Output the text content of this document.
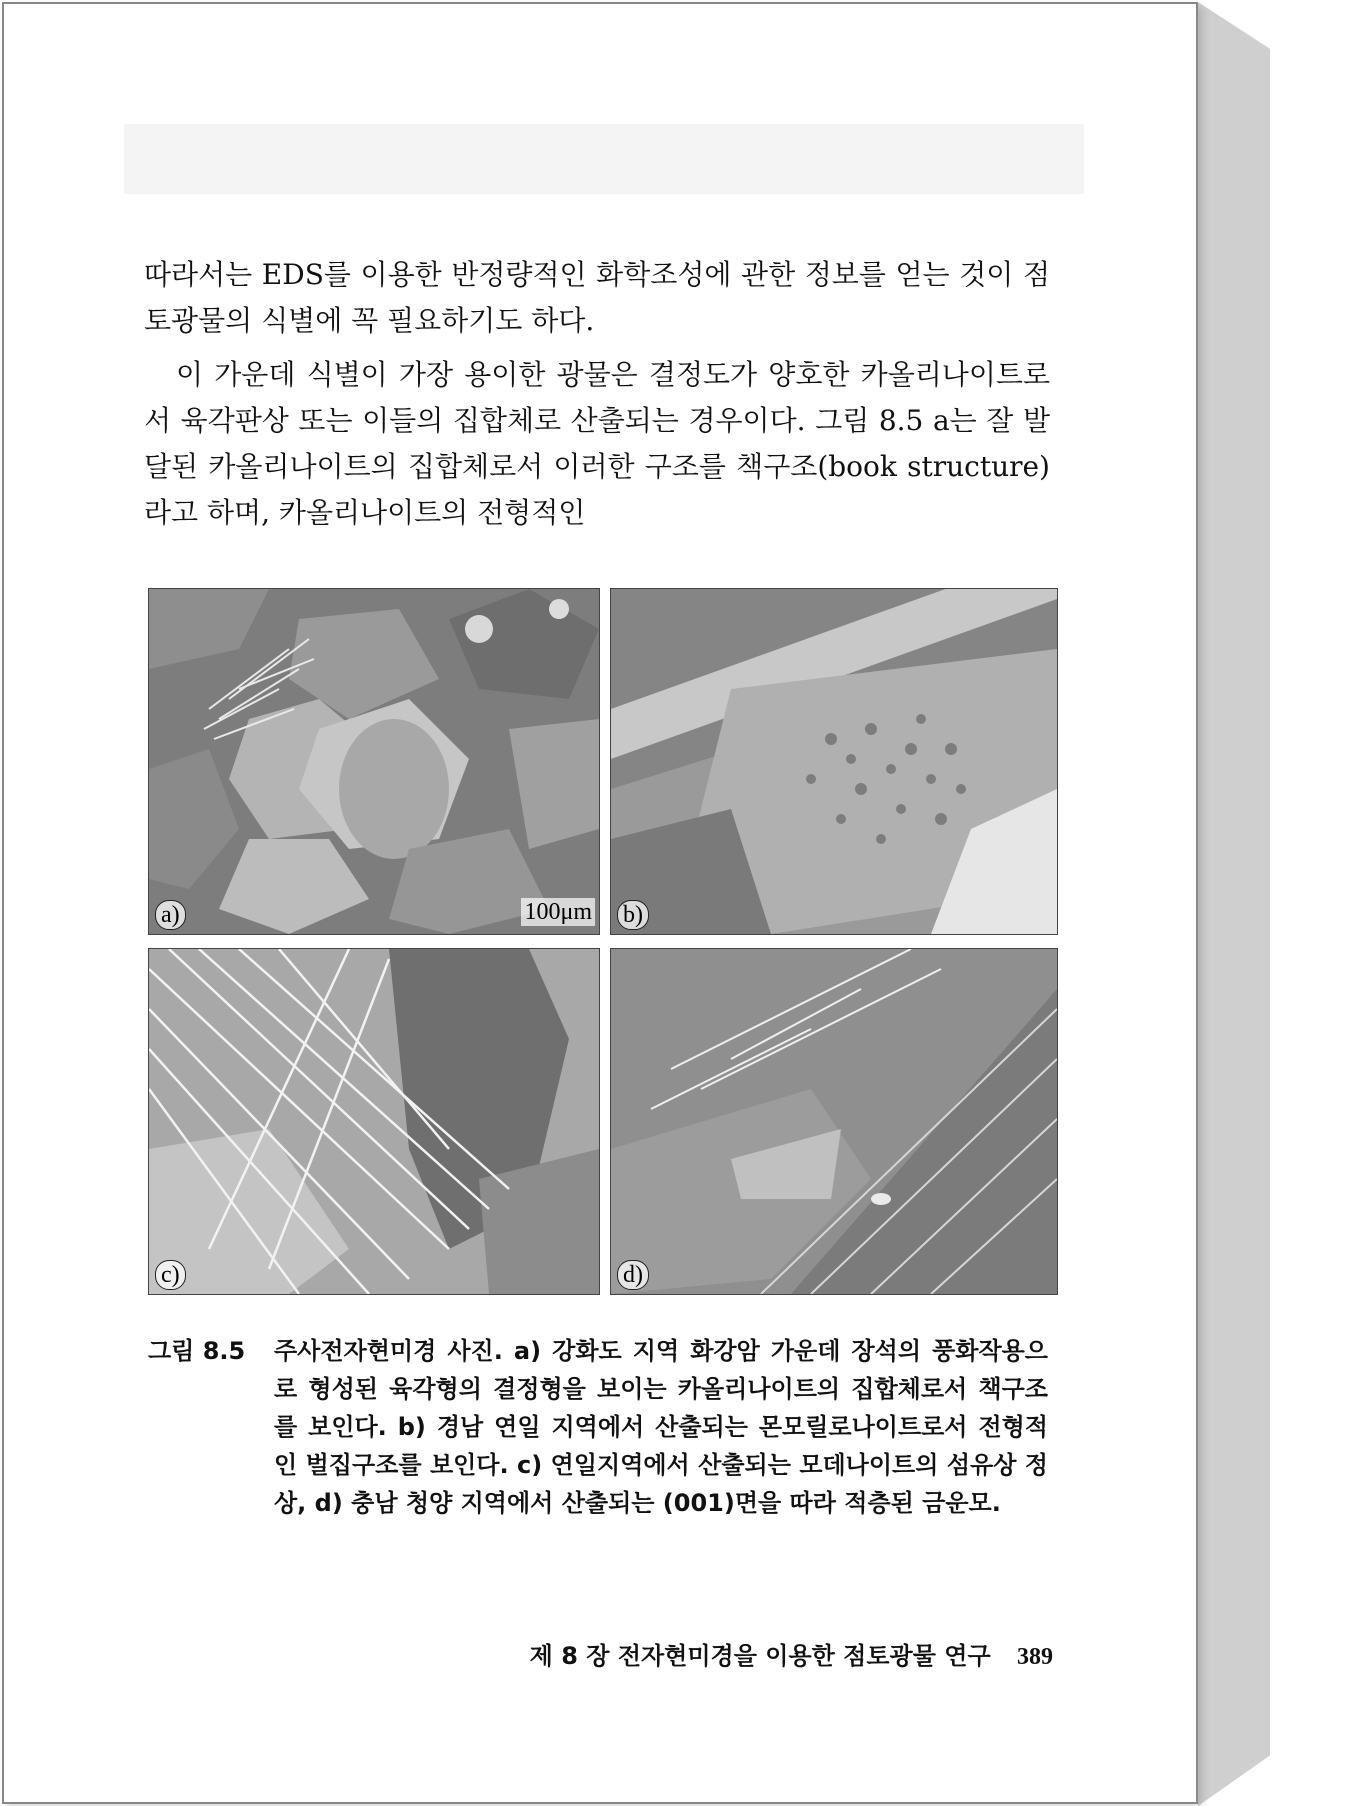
따라서는 EDS를 이용한 반정량적인 화학조성에 관한 정보를 얻는 것이 점토광물의 식별에 꼭 필요하기도 하다.
이 가운데 식별이 가장 용이한 광물은 결정도가 양호한 카올리나이트로서 육각판상 또는 이들의 집합체로 산출되는 경우이다. 그림 8.5 a는 잘 발달된 카올리나이트의 집합체로서 이러한 구조를 책구조(book structure)라고 하며, 카올리나이트의 전형적인
100μm
a)	b)
c)	d)
그림 8.5	주사전자현미경 사진. a) 강화도 지역 화강암 가운데 장석의 풍화작용으로 형성된 육각형의 결정형을 보이는 카올리나이트의 집합체로서 책구조를 보인다. b) 경남 연일 지역에서 산출되는 몬모릴로나이트로서 전형적인 벌집구조를 보인다. c) 연일지역에서 산출되는 모데나이트의 섬유상 정상, d) 충남 청양 지역에서 산출되는 (001)면을 따라 적층된 금운모.
제 8 장 전자현미경을 이용한 점토광물 연구 389
